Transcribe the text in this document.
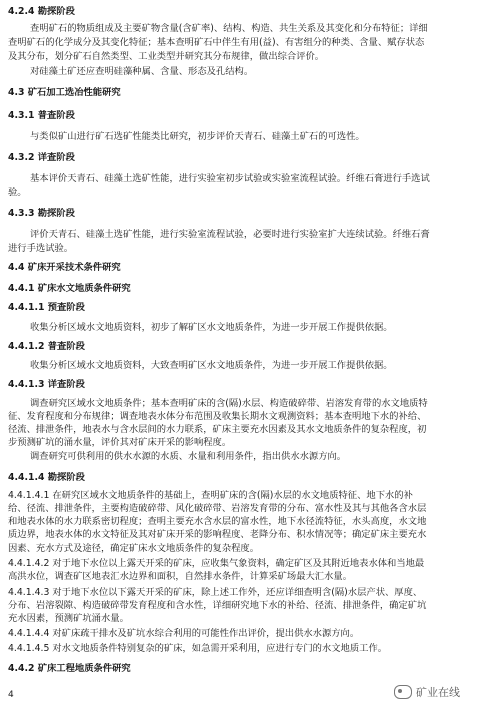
4.2.4 勘探阶段
查明矿石的物质组成及主要矿物含量(含矿率)、结构、构造、共生关系及其变化和分布特征；详细
查明矿石的化学成分及其变化特征；基本查明矿石中伴生有用(益)、有害组分的种类、含量、赋存状态
及其分布，划分矿石自然类型、工业类型并研究其分布规律，做出综合评价。
对硅藻土矿还应查明硅藻种属、含量、形态及孔结构。
4.3 矿石加工选冶性能研究
4.3.1 普查阶段
与类似矿山进行矿石选矿性能类比研究，初步评价天青石、硅藻土矿石的可选性。
4.3.2 详查阶段
基本评价天青石、硅藻土选矿性能，进行实验室初步试验或实验室流程试验。纤维石膏进行手选试
验。
4.3.3 勘探阶段
评价天青石、硅藻土选矿性能，进行实验室流程试验，必要时进行实验室扩大连续试验。纤维石膏
进行手选试验。
4.4 矿床开采技术条件研究
4.4.1 矿床水文地质条件研究
4.4.1.1 预查阶段
收集分析区域水文地质资料，初步了解矿区水文地质条件，为进一步开展工作提供依据。
4.4.1.2 普查阶段
收集分析区域水文地质资料，大致查明矿区水文地质条件，为进一步开展工作提供依据。
4.4.1.3 详查阶段
调查研究区域水文地质条件；基本查明矿床的含(隔)水层、构造破碎带、岩溶发育带的水文地质特
征、发育程度和分布规律；调查地表水体分布范围及收集长期水文观测资料；基本查明地下水的补给、
径流、排泄条件，地表水与含水层间的水力联系，矿床主要充水因素及其水文地质条件的复杂程度，初
步预测矿坑的涌水量，评价其对矿床开采的影响程度。
调查研究可供利用的供水水源的水质、水量和利用条件，指出供水水源方向。
4.4.1.4 勘探阶段
4.4.1.4.1 在研究区域水文地质条件的基础上，查明矿床的含(隔)水层的水文地质特征、地下水的补
给、径流、排泄条件，主要构造破碎带、风化破碎带、岩溶发育带的分布、富水性及其与其他各含水层
和地表水体的水力联系密切程度；查明主要充水含水层的富水性，地下水径流特征，水头高度，水文地
质边界，地表水体的水文特征及其对矿床开采的影响程度、老降分布、积水情况等；确定矿床主要充水
因素、充水方式及途径，确定矿床水文地质条件的复杂程度。
4.4.1.4.2 对于地下水位以上露天开采的矿床，应收集气象资料，确定矿区及其附近地表水体和当地最
高洪水位，调查矿区地表汇水边界和面积，自然排水条件，计算采矿场最大汇水量。
4.4.1.4.3 对于地下水位以下露天开采的矿床，除上述工作外，还应详细查明含(隔)水层产状、厚度、
分布、岩溶裂隙、构造破碎带发育程度和含水性，详细研究地下水的补给、径流、排泄条件，确定矿坑
充水因素，预测矿坑涌水量。
4.4.1.4.4 对矿床疏干排水及矿坑水综合利用的可能性作出评价，提出供水水源方向。
4.4.1.4.5 对水文地质条件特别复杂的矿床，如急需开采利用，应进行专门的水文地质工作。
4.4.2 矿床工程地质条件研究
4	矿业在线
